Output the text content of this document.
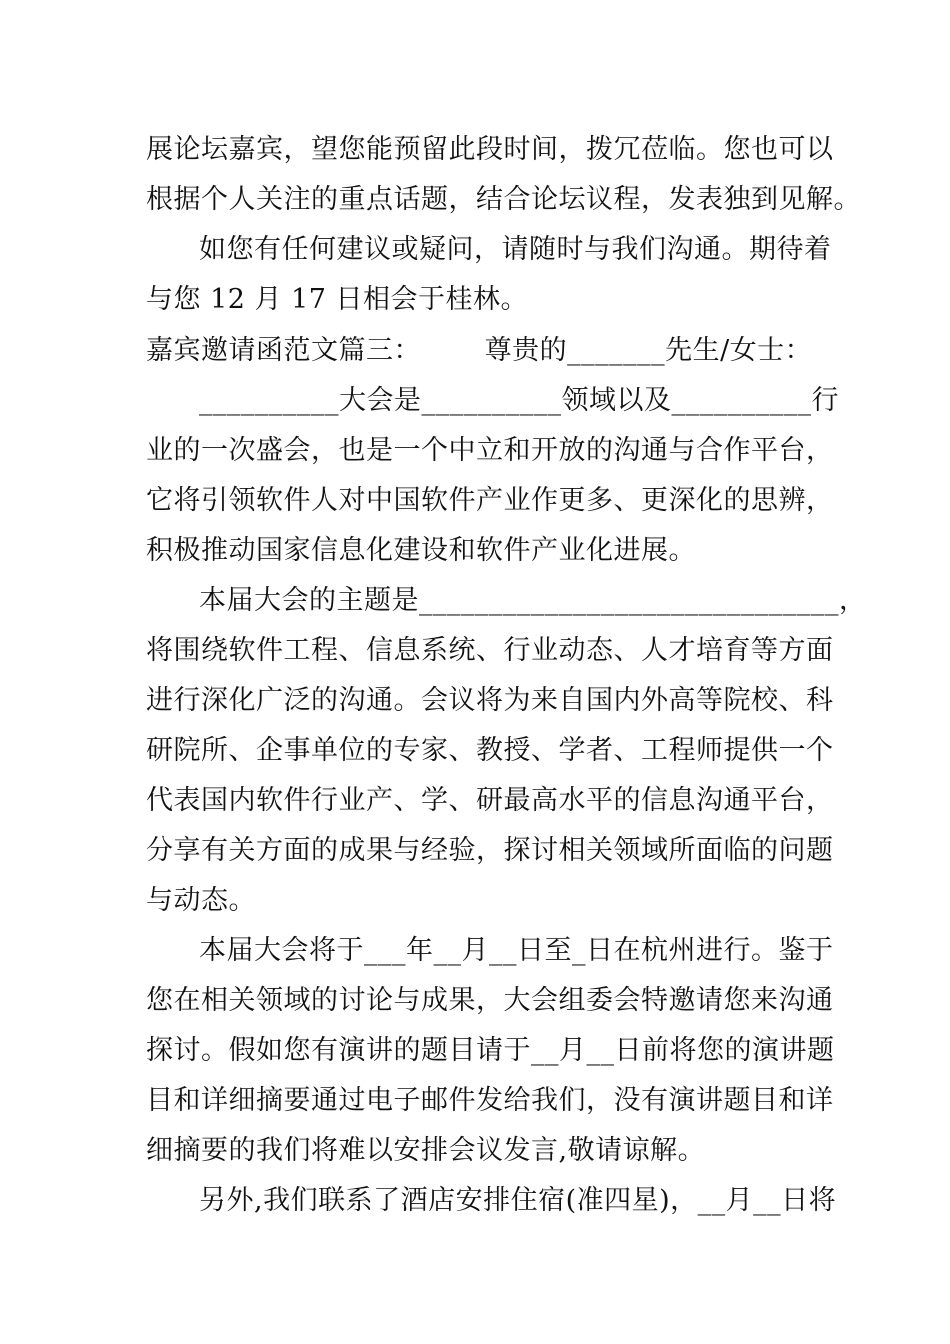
展论坛嘉宾，望您能预留此段时间，拨冗莅临。您也可以
根据个人关注的重点话题，结合论坛议程，发表独到见解。
如您有任何建议或疑问，请随时与我们沟通。期待着
与您 12 月 17 日相会于桂林。
嘉宾邀请函范文篇三：       尊贵的_______先生/女士：
__________大会是__________领域以及__________行
业的一次盛会，也是一个中立和开放的沟通与合作平台，
它将引领软件人对中国软件产业作更多、更深化的思辨，
积极推动国家信息化建设和软件产业化进展。
本届大会的主题是______________________________，
将围绕软件工程、信息系统、行业动态、人才培育等方面
进行深化广泛的沟通。会议将为来自国内外高等院校、科
研院所、企事单位的专家、教授、学者、工程师提供一个
代表国内软件行业产、学、研最高水平的信息沟通平台，
分享有关方面的成果与经验，探讨相关领域所面临的问题
与动态。
本届大会将于___年__月__日至_日在杭州进行。鉴于
您在相关领域的讨论与成果，大会组委会特邀请您来沟通
探讨。假如您有演讲的题目请于__月__日前将您的演讲题
目和详细摘要通过电子邮件发给我们，没有演讲题目和详
细摘要的我们将难以安排会议发言,敬请谅解。
另外,我们联系了酒店安排住宿(准四星)，__月__日将
